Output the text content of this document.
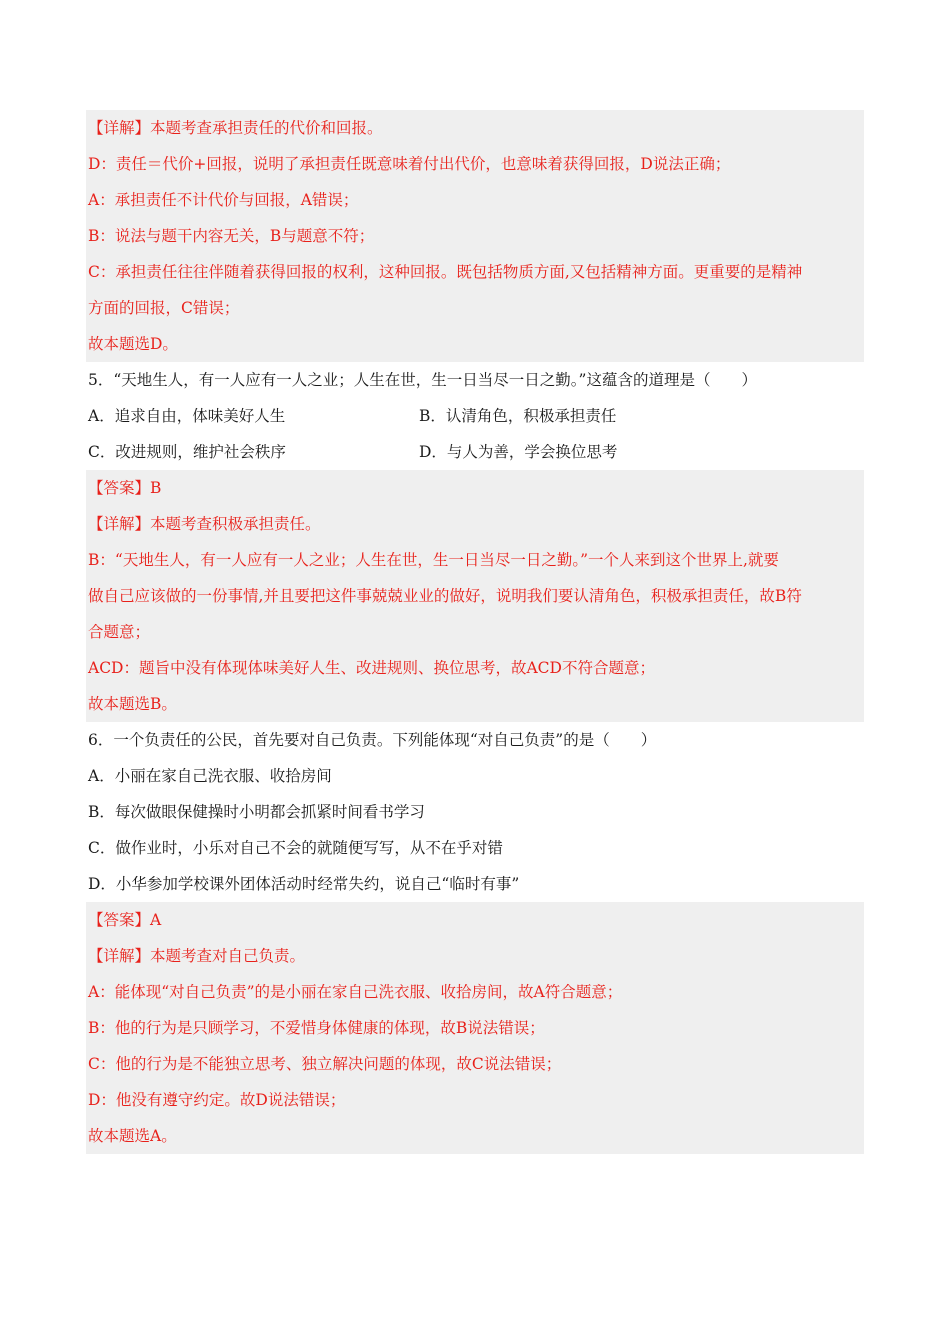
【详解】本题考查承担责任的代价和回报。
D：责任＝代价+回报，说明了承担责任既意味着付出代价，也意味着获得回报，D说法正确；
A：承担责任不计代价与回报，A错误；
B：说法与题干内容无关，B与题意不符；
C：承担责任往往伴随着获得回报的权利，这种回报。既包括物质方面,又包括精神方面。更重要的是精神
方面的回报，C错误；
故本题选D。
5．“天地生人，有一人应有一人之业；人生在世，生一日当尽一日之勤。”这蕴含的道理是（　　）
A．追求自由，体味美好人生	B．认清角色，积极承担责任
C．改进规则，维护社会秩序	D．与人为善，学会换位思考
【答案】B
【详解】本题考查积极承担责任。
B：“天地生人，有一人应有一人之业；人生在世，生一日当尽一日之勤。”一个人来到这个世界上,就要
做自己应该做的一份事情,并且要把这件事兢兢业业的做好，说明我们要认清角色，积极承担责任，故B符
合题意；
ACD：题旨中没有体现体味美好人生、改进规则、换位思考，故ACD不符合题意；
故本题选B。
6．一个负责任的公民，首先要对自己负责。下列能体现“对自己负责”的是（　　）
A．小丽在家自己洗衣服、收拾房间
B．每次做眼保健操时小明都会抓紧时间看书学习
C．做作业时，小乐对自己不会的就随便写写，从不在乎对错
D．小华参加学校课外团体活动时经常失约，说自己“临时有事”
【答案】A
【详解】本题考查对自己负责。
A：能体现“对自己负责”的是小丽在家自己洗衣服、收拾房间，故A符合题意；
B：他的行为是只顾学习，不爱惜身体健康的体现，故B说法错误；
C：他的行为是不能独立思考、独立解决问题的体现，故C说法错误；
D：他没有遵守约定。故D说法错误；
故本题选A。
